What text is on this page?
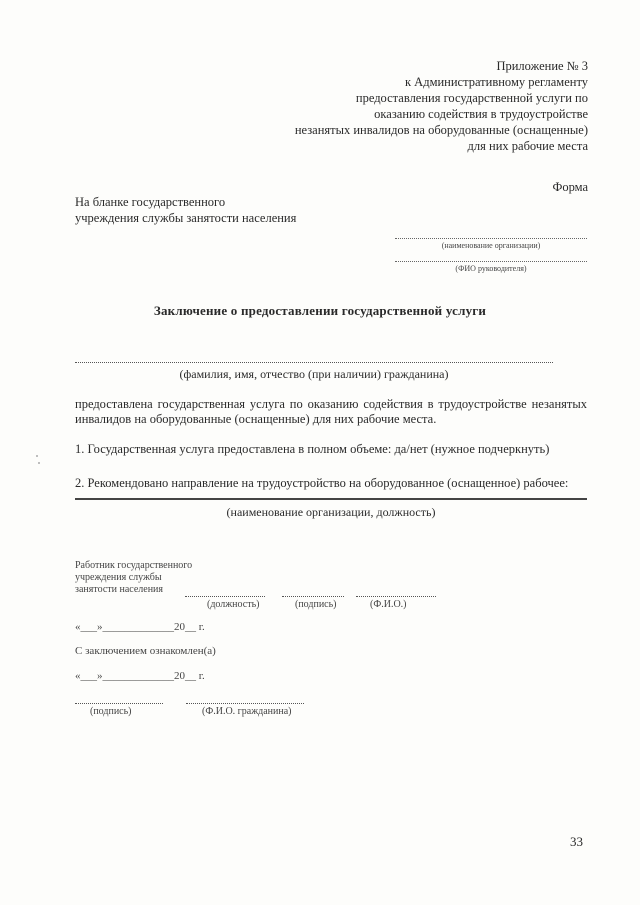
Приложение № 3
к Административному регламенту
предоставления государственной услуги по
оказанию содействия в трудоустройстве
незанятых инвалидов на оборудованные (оснащенные)
для них рабочие места
Форма
На бланке государственного
учреждения службы занятости населения
(наименование организации)
(ФИО руководителя)
Заключение о предоставлении государственной услуги
(фамилия, имя, отчество (при наличии) гражданина)
предоставлена государственная услуга по оказанию содействия в трудоустройстве незанятых инвалидов на оборудованные (оснащенные) для них рабочие места.
1. Государственная услуга предоставлена в полном объеме: да/нет (нужное подчеркнуть)
2. Рекомендовано направление на трудоустройство на оборудованное (оснащенное) рабочее:
(наименование организации, должность)
Работник государственного
учреждения службы
занятости населения
(должность)	(подпись)	(Ф.И.О.)
«___»_____________20__ г.
С заключением ознакомлен(а)
«___»_____________20__ г.
(подпись)	(Ф.И.О. гражданина)
33
